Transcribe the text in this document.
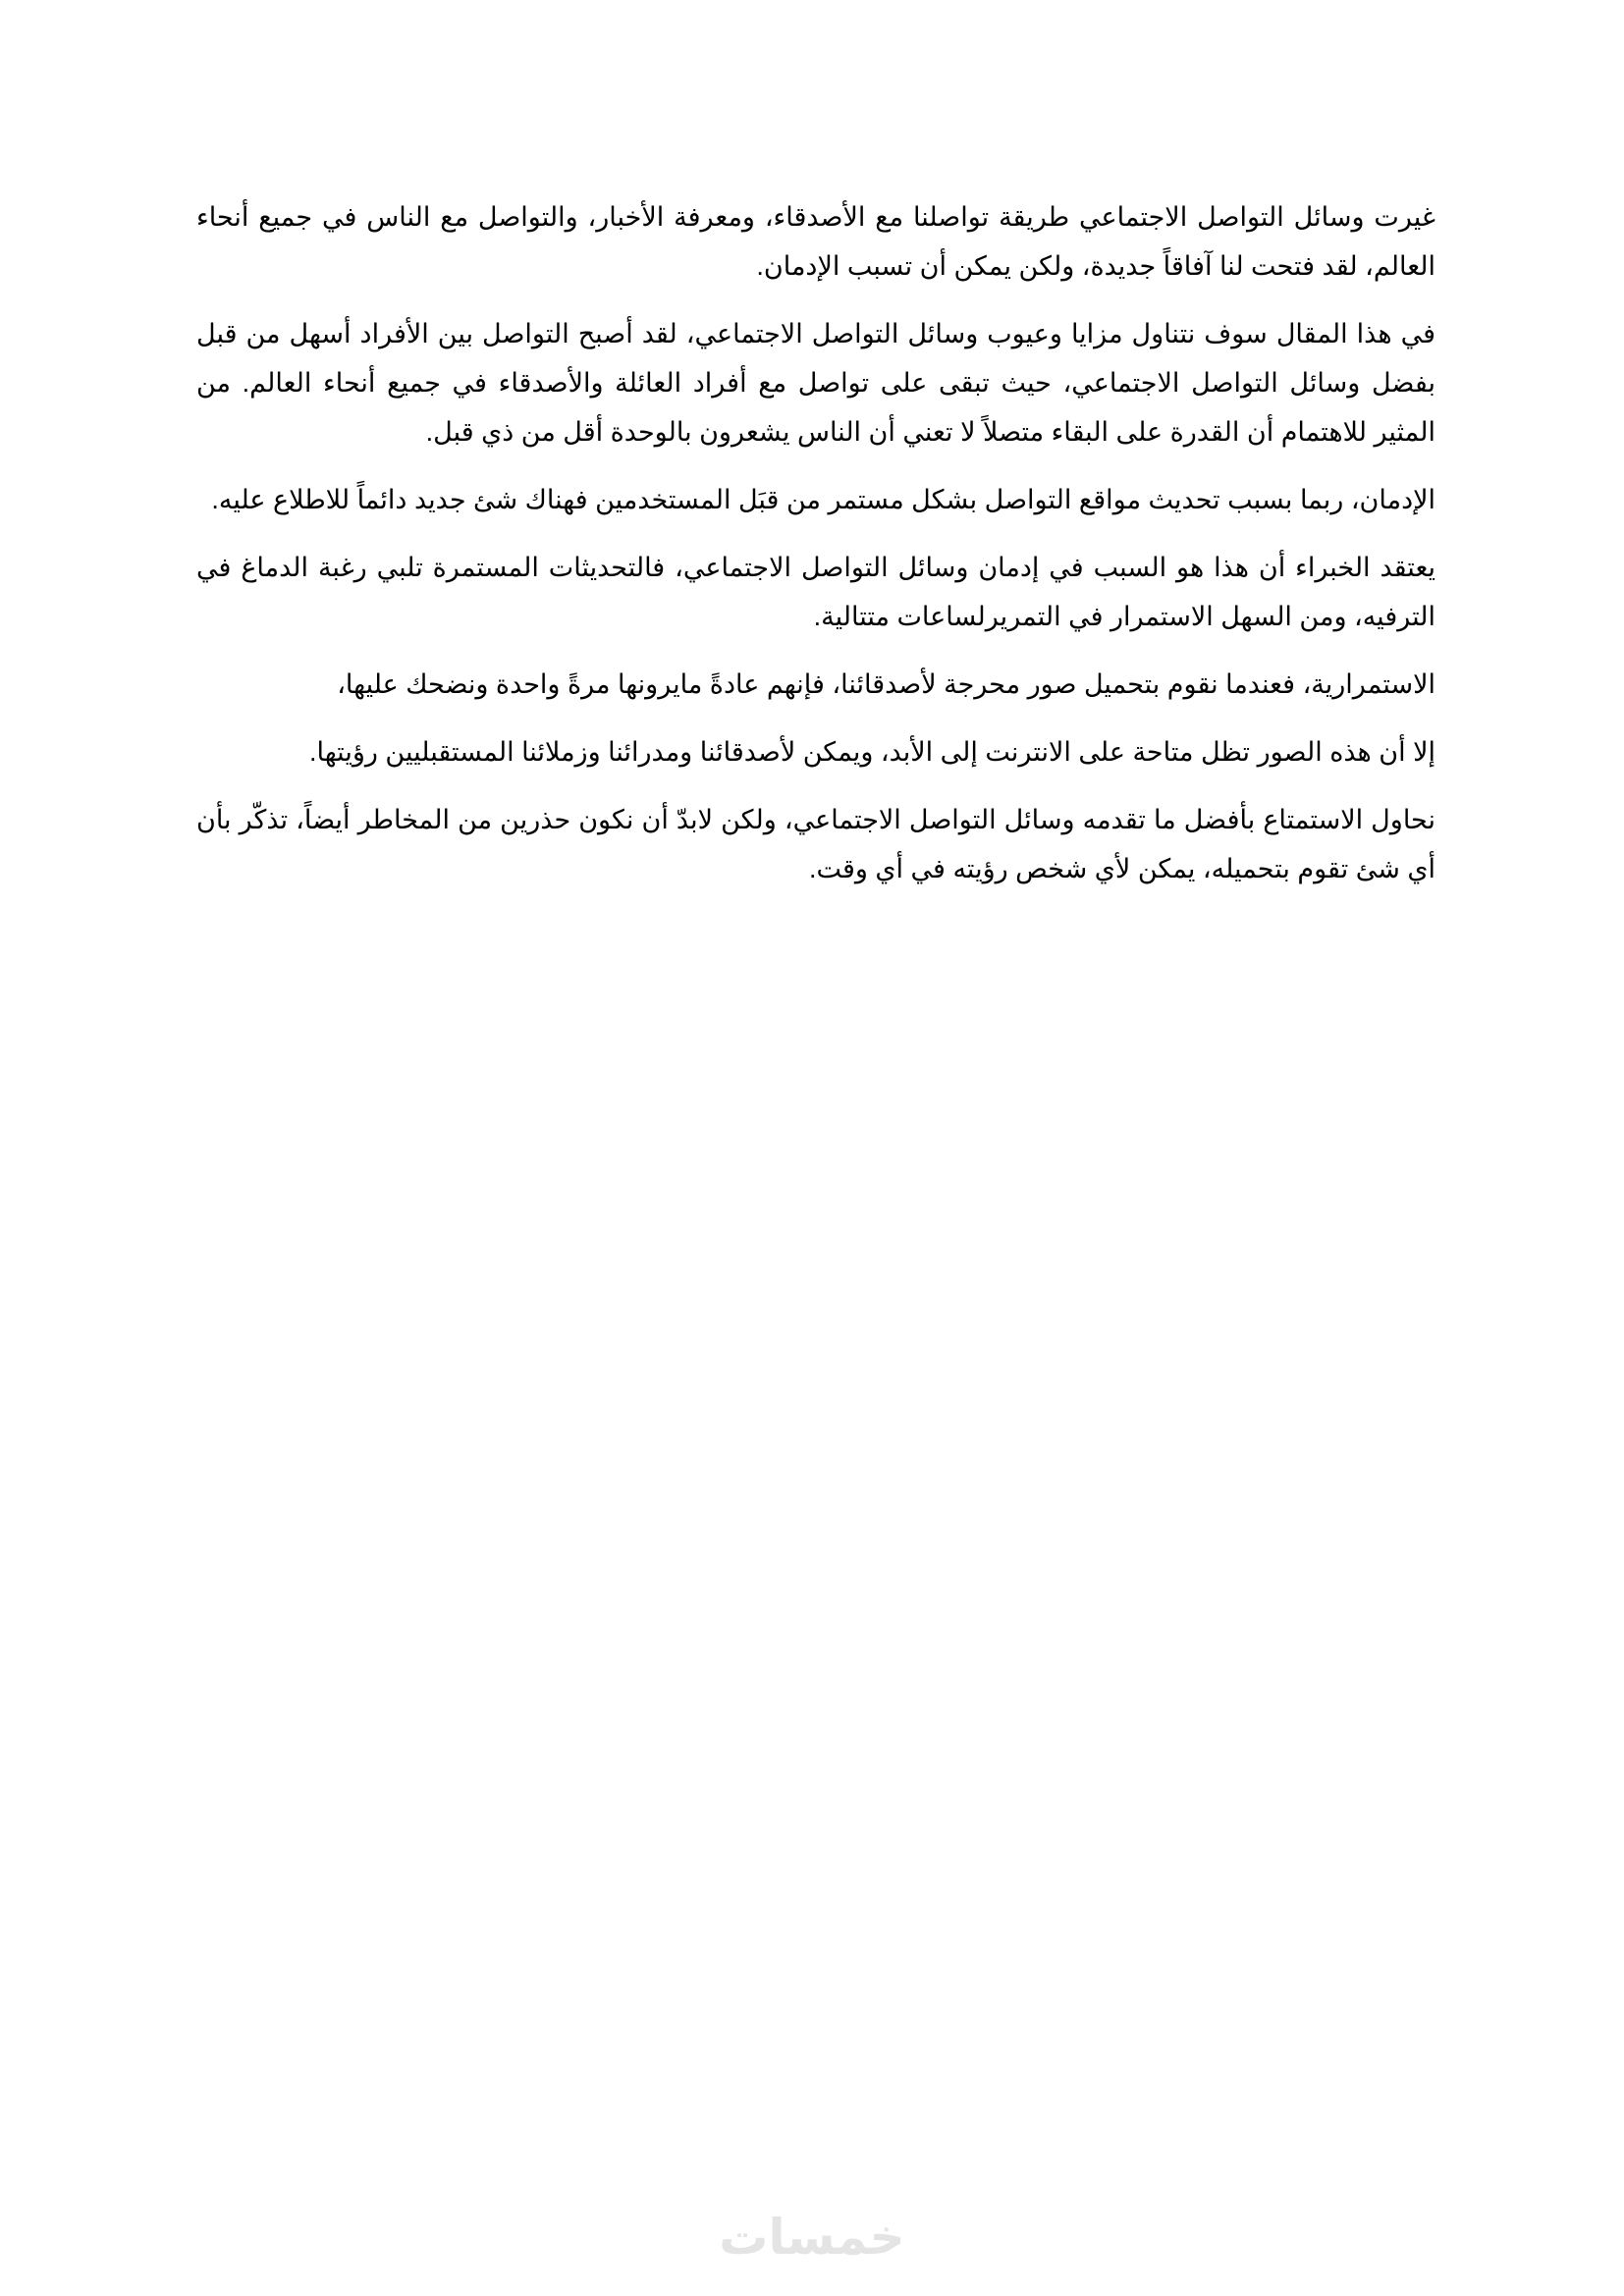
غيرت وسائل التواصل الاجتماعي طريقة تواصلنا مع الأصدقاء، ومعرفة الأخبار، والتواصل مع الناس في جميع أنحاء العالم، لقد فتحت لنا آفاقاً جديدة، ولكن يمكن أن تسبب الإدمان.

في هذا المقال سوف نتناول مزايا وعيوب وسائل التواصل الاجتماعي، لقد أصبح التواصل بين الأفراد أسهل من قبل بفضل وسائل التواصل الاجتماعي، حيث تبقى على تواصل مع أفراد العائلة والأصدقاء في جميع أنحاء العالم. من المثير للاهتمام أن القدرة على البقاء متصلاً لا تعني أن الناس يشعرون بالوحدة أقل من ذي قبل.

الإدمان، ربما بسبب تحديث مواقع التواصل بشكل مستمر من قبَل المستخدمين فهناك شئ جديد دائماً للاطلاع عليه.

يعتقد الخبراء أن هذا هو السبب في إدمان وسائل التواصل الاجتماعي، فالتحديثات المستمرة تلبي رغبة الدماغ في الترفيه، ومن السهل الاستمرار في التمريرلساعات متتالية.

الاستمرارية، فعندما نقوم بتحميل صور محرجة لأصدقائنا، فإنهم عادةً مايرونها مرةً واحدة ونضحك عليها،

إلا أن هذه الصور تظل متاحة على الانترنت إلى الأبد، ويمكن لأصدقائنا ومدرائنا وزملائنا المستقبليين رؤيتها.

نحاول الاستمتاع بأفضل ما تقدمه وسائل التواصل الاجتماعي، ولكن لابدّ أن نكون حذرين من المخاطر أيضاً، تذكّر بأن أي شئ تقوم بتحميله، يمكن لأي شخص رؤيته في أي وقت.

خمسات
